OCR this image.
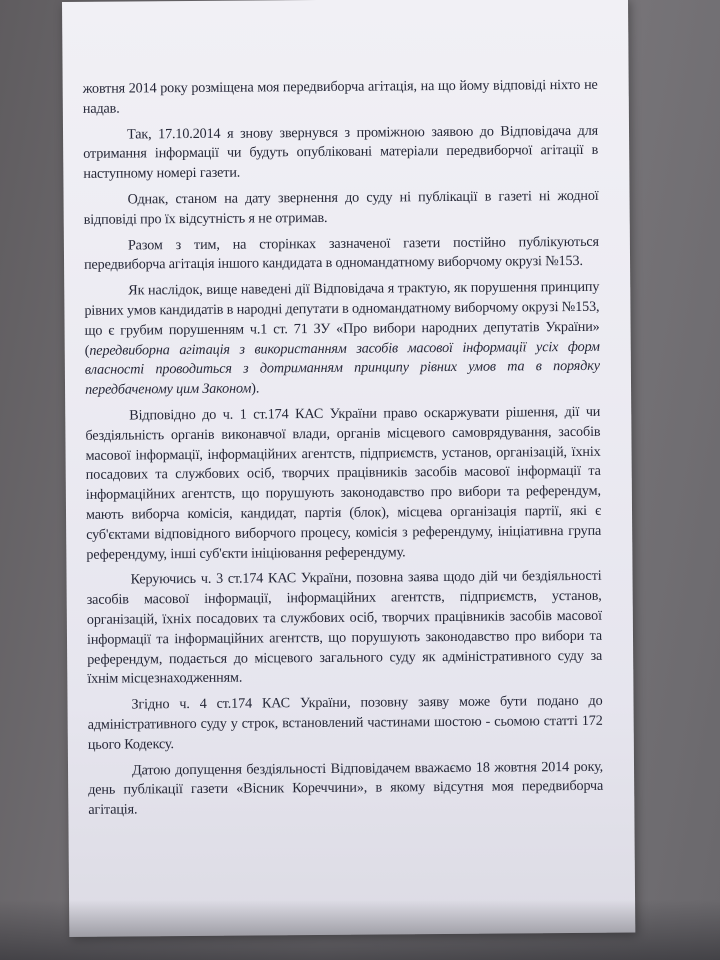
жовтня 2014 року розміщена моя передвиборча агітація, на що йому відповіді ніхто не надав.

Так, 17.10.2014 я знову звернувся з проміжною заявою до Відповідача для отримання інформації чи будуть опубліковані матеріали передвиборчої агітації в наступному номері газети.

Однак, станом на дату звернення до суду ні публікації в газеті ні жодної відповіді про їх відсутність я не отримав.

Разом з тим, на сторінках зазначеної газети постійно публікуються передвиборча агітація іншого кандидата в одномандатному виборчому окрузі №153.

Як наслідок, вище наведені дії Відповідача я трактую, як порушення принципу рівних умов кандидатів в народні депутати в одномандатному виборчому окрузі №153, що є грубим порушенням ч.1 ст. 71 ЗУ «Про вибори народних депутатів України» (передвиборна агітація з використанням засобів масової інформації усіх форм власності проводиться з дотриманням принципу рівних умов та в порядку передбаченому цим Законом).

Відповідно до ч. 1 ст.174 КАС України право оскаржувати рішення, дії чи бездіяльність органів виконавчої влади, органів місцевого самоврядування, засобів масової інформації, інформаційних агентств, підприємств, установ, організацій, їхніх посадових та службових осіб, творчих працівників засобів масової інформації та інформаційних агентств, що порушують законодавство про вибори та референдум, мають виборча комісія, кандидат, партія (блок), місцева організація партії, які є суб'єктами відповідного виборчого процесу, комісія з референдуму, ініціативна група референдуму, інші суб'єкти ініціювання референдуму.

Керуючись ч. 3 ст.174 КАС України, позовна заява щодо дій чи бездіяльності засобів масової інформації, інформаційних агентств, підприємств, установ, організацій, їхніх посадових та службових осіб, творчих працівників засобів масової інформації та інформаційних агентств, що порушують законодавство про вибори та референдум, подається до місцевого загального суду як адміністративного суду за їхнім місцезнаходженням.

Згідно ч. 4 ст.174 КАС України, позовну заяву може бути подано до адміністративного суду у строк, встановлений частинами шостою - сьомою статті 172 цього Кодексу.

Датою допущення бездіяльності Відповідачем вважаємо 18 жовтня 2014 року, день публікації газети «Вісник Кореччини», в якому відсутня моя передвиборча агітація.
